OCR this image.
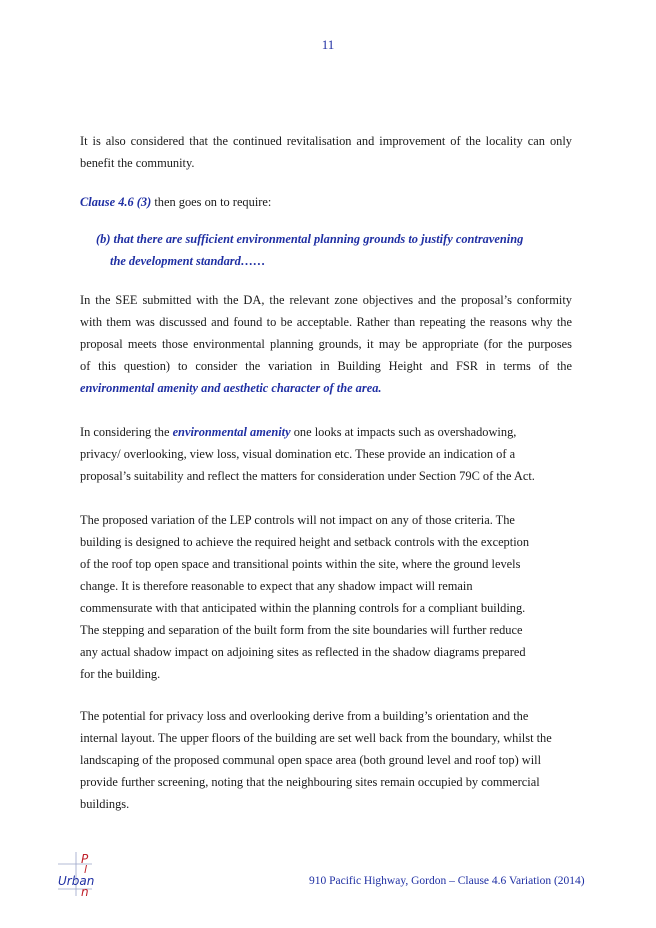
11

It is also considered that the continued revitalisation and improvement of the locality can only
benefit the community.

Clause 4.6 (3) then goes on to require:

(b) that there are sufficient environmental planning grounds to justify contravening
the development standard……

In the SEE submitted with the DA, the relevant zone objectives and the proposal’s conformity
with them was discussed and found to be acceptable. Rather than repeating the reasons why the
proposal meets those environmental planning grounds, it may be appropriate (for the purposes
of this question) to consider the variation in Building Height and FSR in terms of the
environmental amenity and aesthetic character of the area.

In considering the environmental amenity one looks at impacts such as overshadowing,
privacy/ overlooking, view loss, visual domination etc. These provide an indication of a
proposal’s suitability and reflect the matters for consideration under Section 79C of the Act.

The proposed variation of the LEP controls will not impact on any of those criteria. The
building is designed to achieve the required height and setback controls with the exception
of the roof top open space and transitional points within the site, where the ground levels
change. It is therefore reasonable to expect that any shadow impact will remain
commensurate with that anticipated within the planning controls for a compliant building.
The stepping and separation of the built form from the site boundaries will further reduce
any actual shadow impact on adjoining sites as reflected in the shadow diagrams prepared
for the building.

The potential for privacy loss and overlooking derive from a building’s orientation and the
internal layout. The upper floors of the building are set well back from the boundary, whilst the
landscaping of the proposed communal open space area (both ground level and roof top) will
provide further screening, noting that the neighbouring sites remain occupied by commercial
buildings.

P
l
Urban
n
910 Pacific Highway, Gordon – Clause 4.6 Variation (2014)
